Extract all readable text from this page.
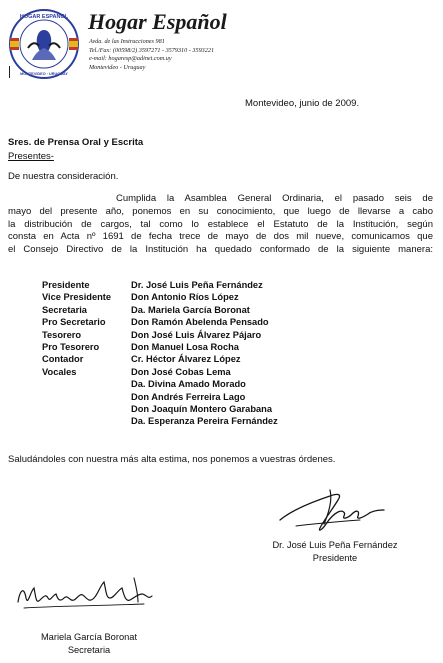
HOGAR ESPAÑOL
MONTEVIDEO · URUGUAY
Hogar Español
Avda. de las Instrucciones 981
Tel./Fax: (00598/2) 3597271 - 3579310 - 3593221
e-mail: hogaresp@adinet.com.uy
Montevideo - Uruguay
Montevideo, junio de 2009.
Sres. de Prensa Oral y Escrita
Presentes-
De nuestra consideración.
Cumplida la Asamblea General Ordinaria, el pasado seis de
mayo del presente año, ponemos en su conocimiento, que luego de llevarse a cabo
la distribución de cargos, tal como lo establece el Estatuto de la Institución, según
consta en Acta nº 1691 de fecha trece de mayo de dos mil nueve, comunicamos que
el Consejo Directivo de la Institución ha quedado conformado de la siguiente manera:
Presidente	Dr. José Luis Peña Fernández
Vice Presidente Don Antonio Ríos López
Secretaria	Da. Mariela García Boronat
Pro Secretario	Don Ramón Abelenda Pensado
Tesorero	Don José Luis Álvarez Pájaro
Pro Tesorero	Don Manuel Losa Rocha
Contador	Cr. Héctor Álvarez López
Vocales	Don José Cobas Lema
Da. Divina Amado Morado
Don Andrés Ferreira Lago
Don Joaquín Montero Garabana
Da. Esperanza Pereira Fernández
Saludándoles con nuestra más alta estima, nos ponemos a vuestras órdenes.
Dr. José Luis Peña Fernández
Presidente
Mariela García Boronat
Secretaria
